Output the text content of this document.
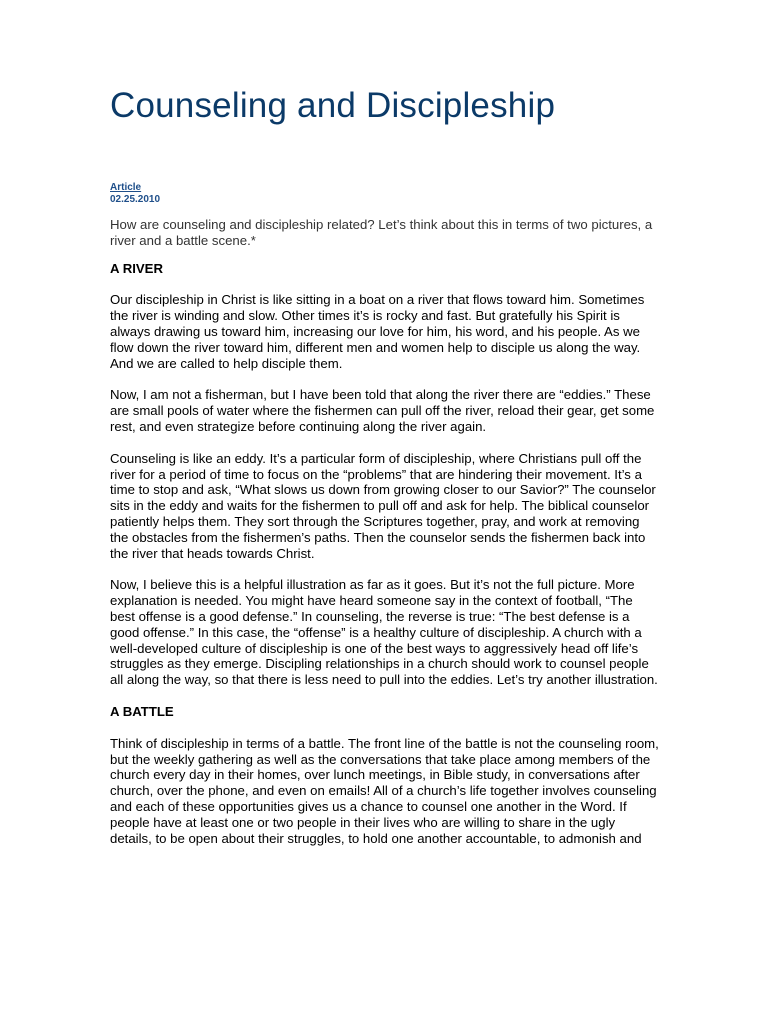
Counseling and Discipleship
Article
02.25.2010

How are counseling and discipleship related? Let’s think about this in terms of two pictures, a river and a battle scene.*

A RIVER

Our discipleship in Christ is like sitting in a boat on a river that flows toward him. Sometimes the river is winding and slow. Other times it’s is rocky and fast. But gratefully his Spirit is always drawing us toward him, increasing our love for him, his word, and his people. As we flow down the river toward him, different men and women help to disciple us along the way. And we are called to help disciple them.

Now, I am not a fisherman, but I have been told that along the river there are “eddies.” These are small pools of water where the fishermen can pull off the river, reload their gear, get some rest, and even strategize before continuing along the river again.

Counseling is like an eddy. It’s a particular form of discipleship, where Christians pull off the river for a period of time to focus on the “problems” that are hindering their movement. It’s a time to stop and ask, “What slows us down from growing closer to our Savior?” The counselor sits in the eddy and waits for the fishermen to pull off and ask for help. The biblical counselor patiently helps them. They sort through the Scriptures together, pray, and work at removing the obstacles from the fishermen’s paths. Then the counselor sends the fishermen back into the river that heads towards Christ.

Now, I believe this is a helpful illustration as far as it goes. But it’s not the full picture. More explanation is needed. You might have heard someone say in the context of football, “The best offense is a good defense.” In counseling, the reverse is true: “The best defense is a good offense.” In this case, the “offense” is a healthy culture of discipleship. A church with a well-developed culture of discipleship is one of the best ways to aggressively head off life’s struggles as they emerge. Discipling relationships in a church should work to counsel people all along the way, so that there is less need to pull into the eddies. Let’s try another illustration.

A BATTLE

Think of discipleship in terms of a battle. The front line of the battle is not the counseling room, but the weekly gathering as well as the conversations that take place among members of the church every day in their homes, over lunch meetings, in Bible study, in conversations after church, over the phone, and even on emails! All of a church’s life together involves counseling and each of these opportunities gives us a chance to counsel one another in the Word. If people have at least one or two people in their lives who are willing to share in the ugly details, to be open about their struggles, to hold one another accountable, to admonish and
